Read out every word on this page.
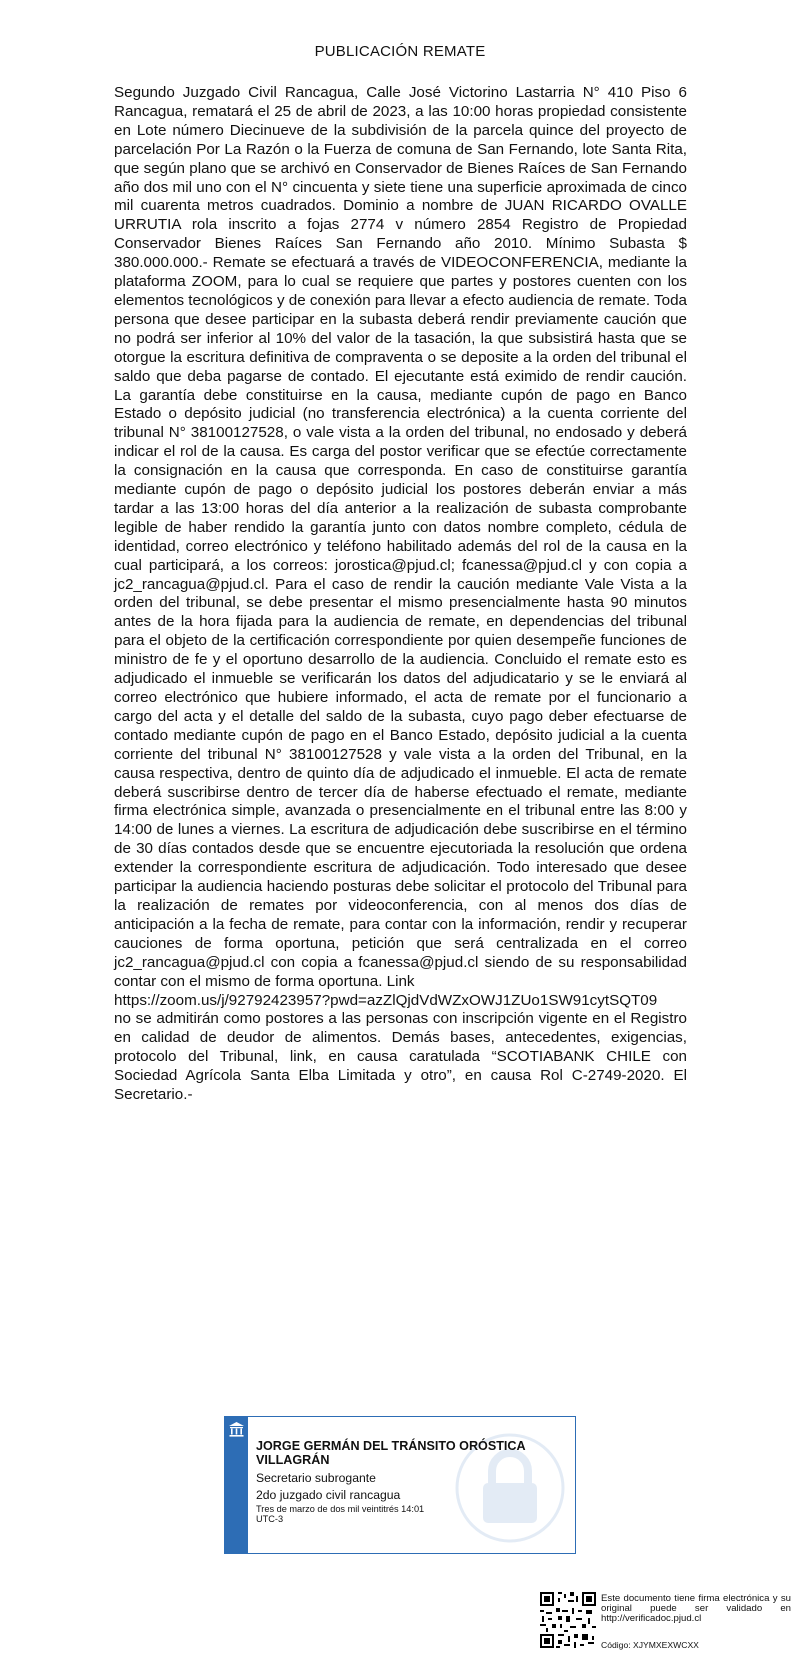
PUBLICACIÓN REMATE

Segundo Juzgado Civil Rancagua, Calle José Victorino Lastarria N° 410 Piso 6 Rancagua, rematará el 25 de abril de 2023, a las 10:00 horas propiedad consistente en Lote número Diecinueve de la subdivisión de la parcela quince del proyecto de parcelación Por La Razón o la Fuerza de comuna de San Fernando, lote Santa Rita, que según plano que se archivó en Conservador de Bienes Raíces de San Fernando año dos mil uno con el N° cincuenta y siete tiene una superficie aproximada de cinco mil cuarenta metros cuadrados. Dominio a nombre de JUAN RICARDO OVALLE URRUTIA rola inscrito a fojas 2774 v número 2854 Registro de Propiedad Conservador Bienes Raíces San Fernando año 2010. Mínimo Subasta $ 380.000.000.- Remate se efectuará a través de VIDEOCONFERENCIA, mediante la plataforma ZOOM, para lo cual se requiere que partes y postores cuenten con los elementos tecnológicos y de conexión para llevar a efecto audiencia de remate. Toda persona que desee participar en la subasta deberá rendir previamente caución que no podrá ser inferior al 10% del valor de la tasación, la que subsistirá hasta que se otorgue la escritura definitiva de compraventa o se deposite a la orden del tribunal el saldo que deba pagarse de contado. El ejecutante está eximido de rendir caución. La garantía debe constituirse en la causa, mediante cupón de pago en Banco Estado o depósito judicial (no transferencia electrónica) a la cuenta corriente del tribunal N° 38100127528, o vale vista a la orden del tribunal, no endosado y deberá indicar el rol de la causa. Es carga del postor verificar que se efectúe correctamente la consignación en la causa que corresponda. En caso de constituirse garantía mediante cupón de pago o depósito judicial los postores deberán enviar a más tardar a las 13:00 horas del día anterior a la realización de subasta comprobante legible de haber rendido la garantía junto con datos nombre completo, cédula de identidad, correo electrónico y teléfono habilitado además del rol de la causa en la cual participará, a los correos: jorostica@pjud.cl; fcanessa@pjud.cl y con copia a jc2_rancagua@pjud.cl. Para el caso de rendir la caución mediante Vale Vista a la orden del tribunal, se debe presentar el mismo presencialmente hasta 90 minutos antes de la hora fijada para la audiencia de remate, en dependencias del tribunal para el objeto de la certificación correspondiente por quien desempeñe funciones de ministro de fe y el oportuno desarrollo de la audiencia. Concluido el remate esto es adjudicado el inmueble se verificarán los datos del adjudicatario y se le enviará al correo electrónico que hubiere informado, el acta de remate por el funcionario a cargo del acta y el detalle del saldo de la subasta, cuyo pago deber efectuarse de contado mediante cupón de pago en el Banco Estado, depósito judicial a la cuenta corriente del tribunal N° 38100127528 y vale vista a la orden del Tribunal, en la causa respectiva, dentro de quinto día de adjudicado el inmueble. El acta de remate deberá suscribirse dentro de tercer día de haberse efectuado el remate, mediante firma electrónica simple, avanzada o presencialmente en el tribunal entre las 8:00 y 14:00 de lunes a viernes. La escritura de adjudicación debe suscribirse en el término de 30 días contados desde que se encuentre ejecutoriada la resolución que ordena extender la correspondiente escritura de adjudicación. Todo interesado que desee participar la audiencia haciendo posturas debe solicitar el protocolo del Tribunal para la realización de remates por videoconferencia, con al menos dos días de anticipación a la fecha de remate, para contar con la información, rendir y recuperar cauciones de forma oportuna, petición que será centralizada en el correo jc2_rancagua@pjud.cl con copia a fcanessa@pjud.cl siendo de su responsabilidad contar con el mismo de forma oportuna. Link

https://zoom.us/j/92792423957?pwd=azZlQjdVdWZxOWJ1ZUo1SW91cytSQT09

no se admitirán como postores a las personas con inscripción vigente en el Registro en calidad de deudor de alimentos. Demás bases, antecedentes, exigencias, protocolo del Tribunal, link, en causa caratulada “SCOTIABANK CHILE con Sociedad Agrícola Santa Elba Limitada y otro”, en causa Rol C-2749-2020. El Secretario.-

JORGE GERMÁN DEL TRÁNSITO ORÓSTICA VILLAGRÁN
Secretario subrogante
2do juzgado civil rancagua
Tres de marzo de dos mil veintitrés 14:01 UTC-3
Este documento tiene firma electrónica y su original puede ser validado en http://verificadoc.pjud.cl
Código: XJYMXEXWCXX
